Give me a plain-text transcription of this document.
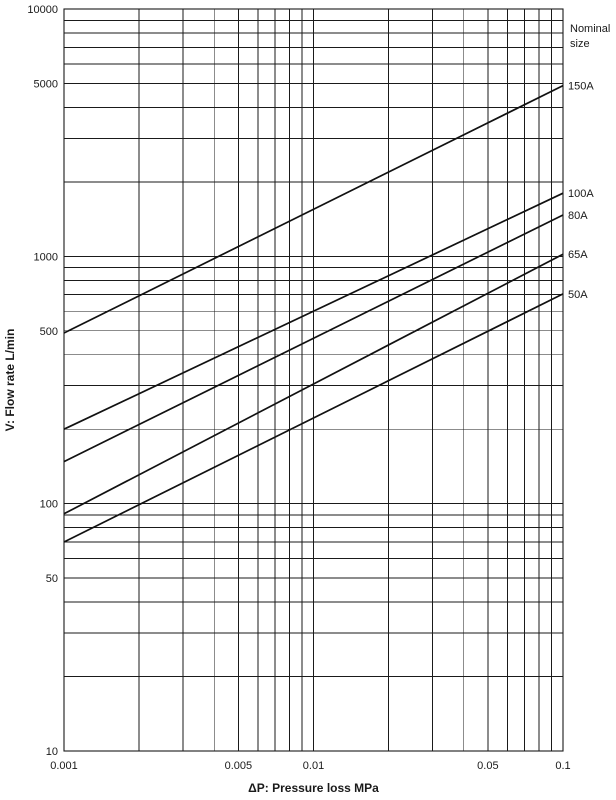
10
50
100
500
1000
5000
10000
0.001	0.005	0.01	0.05	0.1
150A
100A
80A
65A
50A
Nominal
size
ΔP: Pressure loss MPa
V: Flow rate L/min
